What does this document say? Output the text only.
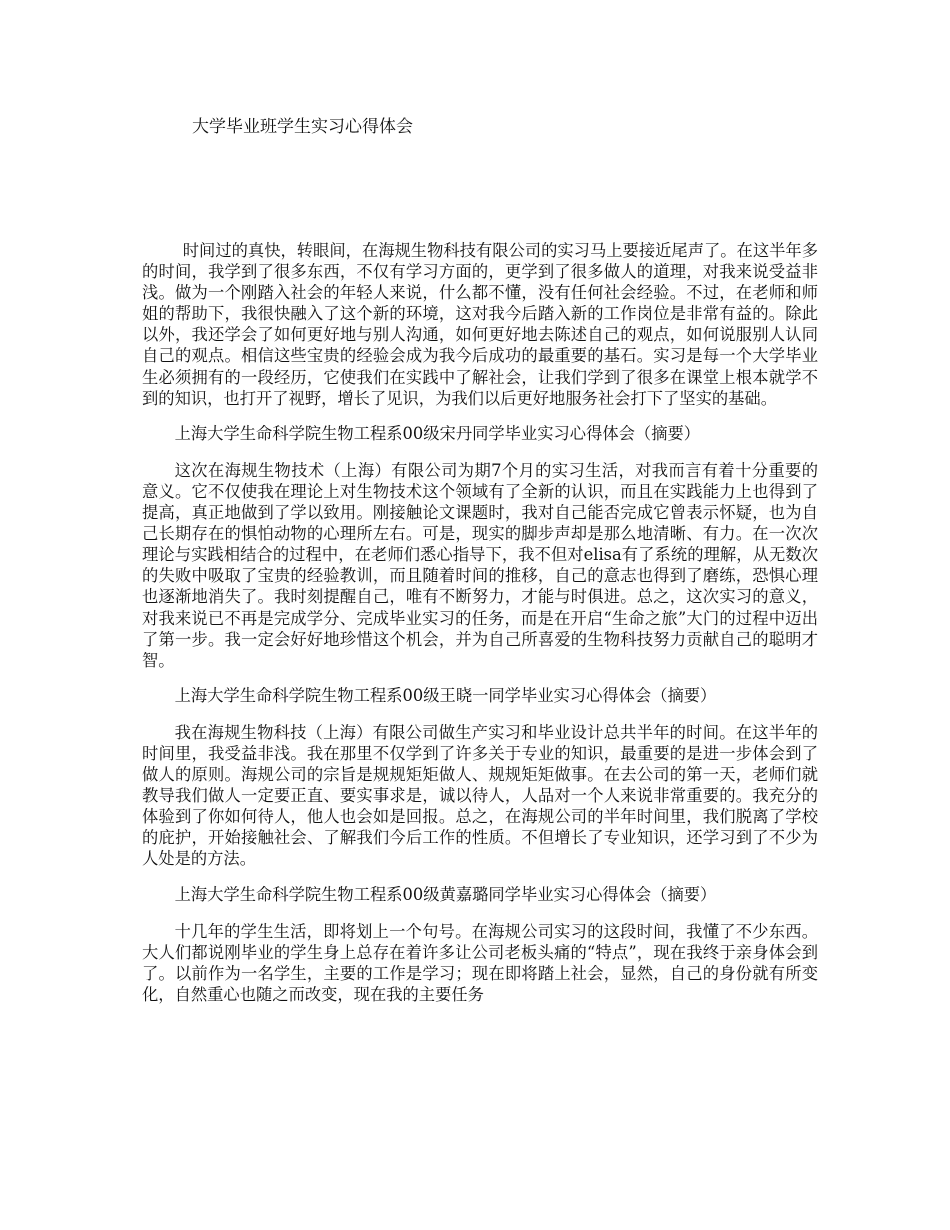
大学毕业班学生实习心得体会

时间过的真快，转眼间，在海规生物科技有限公司的实习马上要接近尾声了。在这半年多的时间，我学到了很多东西，不仅有学习方面的，更学到了很多做人的道理，对我来说受益非浅。做为一个刚踏入社会的年轻人来说，什么都不懂，没有任何社会经验。不过，在老师和师姐的帮助下，我很快融入了这个新的环境，这对我今后踏入新的工作岗位是非常有益的。除此以外，我还学会了如何更好地与别人沟通，如何更好地去陈述自己的观点，如何说服别人认同自己的观点。相信这些宝贵的经验会成为我今后成功的最重要的基石。实习是每一个大学毕业生必须拥有的一段经历，它使我们在实践中了解社会，让我们学到了很多在课堂上根本就学不到的知识，也打开了视野，增长了见识，为我们以后更好地服务社会打下了坚实的基础。

上海大学生命科学院生物工程系00级宋丹同学毕业实习心得体会（摘要）

这次在海规生物技术（上海）有限公司为期7个月的实习生活，对我而言有着十分重要的意义。它不仅使我在理论上对生物技术这个领域有了全新的认识，而且在实践能力上也得到了提高，真正地做到了学以致用。刚接触论文课题时，我对自己能否完成它曾表示怀疑，也为自己长期存在的惧怕动物的心理所左右。可是，现实的脚步声却是那么地清晰、有力。在一次次理论与实践相结合的过程中，在老师们悉心指导下，我不但对elisa有了系统的理解，从无数次的失败中吸取了宝贵的经验教训，而且随着时间的推移，自己的意志也得到了磨练，恐惧心理也逐渐地消失了。我时刻提醒自己，唯有不断努力，才能与时俱进。总之，这次实习的意义，对我来说已不再是完成学分、完成毕业实习的任务，而是在开启“生命之旅”大门的过程中迈出了第一步。我一定会好好地珍惜这个机会，并为自己所喜爱的生物科技努力贡献自己的聪明才智。

上海大学生命科学院生物工程系00级王晓一同学毕业实习心得体会（摘要）

我在海规生物科技（上海）有限公司做生产实习和毕业设计总共半年的时间。在这半年的时间里，我受益非浅。我在那里不仅学到了许多关于专业的知识，最重要的是进一步体会到了做人的原则。海规公司的宗旨是规规矩矩做人、规规矩矩做事。在去公司的第一天，老师们就教导我们做人一定要正直、要实事求是，诚以待人，人品对一个人来说非常重要的。我充分的体验到了你如何待人，他人也会如是回报。总之，在海规公司的半年时间里，我们脱离了学校的庇护，开始接触社会、了解我们今后工作的性质。不但增长了专业知识，还学习到了不少为人处是的方法。

上海大学生命科学院生物工程系00级黄嘉璐同学毕业实习心得体会（摘要）

十几年的学生生活，即将划上一个句号。在海规公司实习的这段时间，我懂了不少东西。大人们都说刚毕业的学生身上总存在着许多让公司老板头痛的“特点”，现在我终于亲身体会到了。以前作为一名学生，主要的工作是学习；现在即将踏上社会，显然，自己的身份就有所变化，自然重心也随之而改变，现在我的主要任务
